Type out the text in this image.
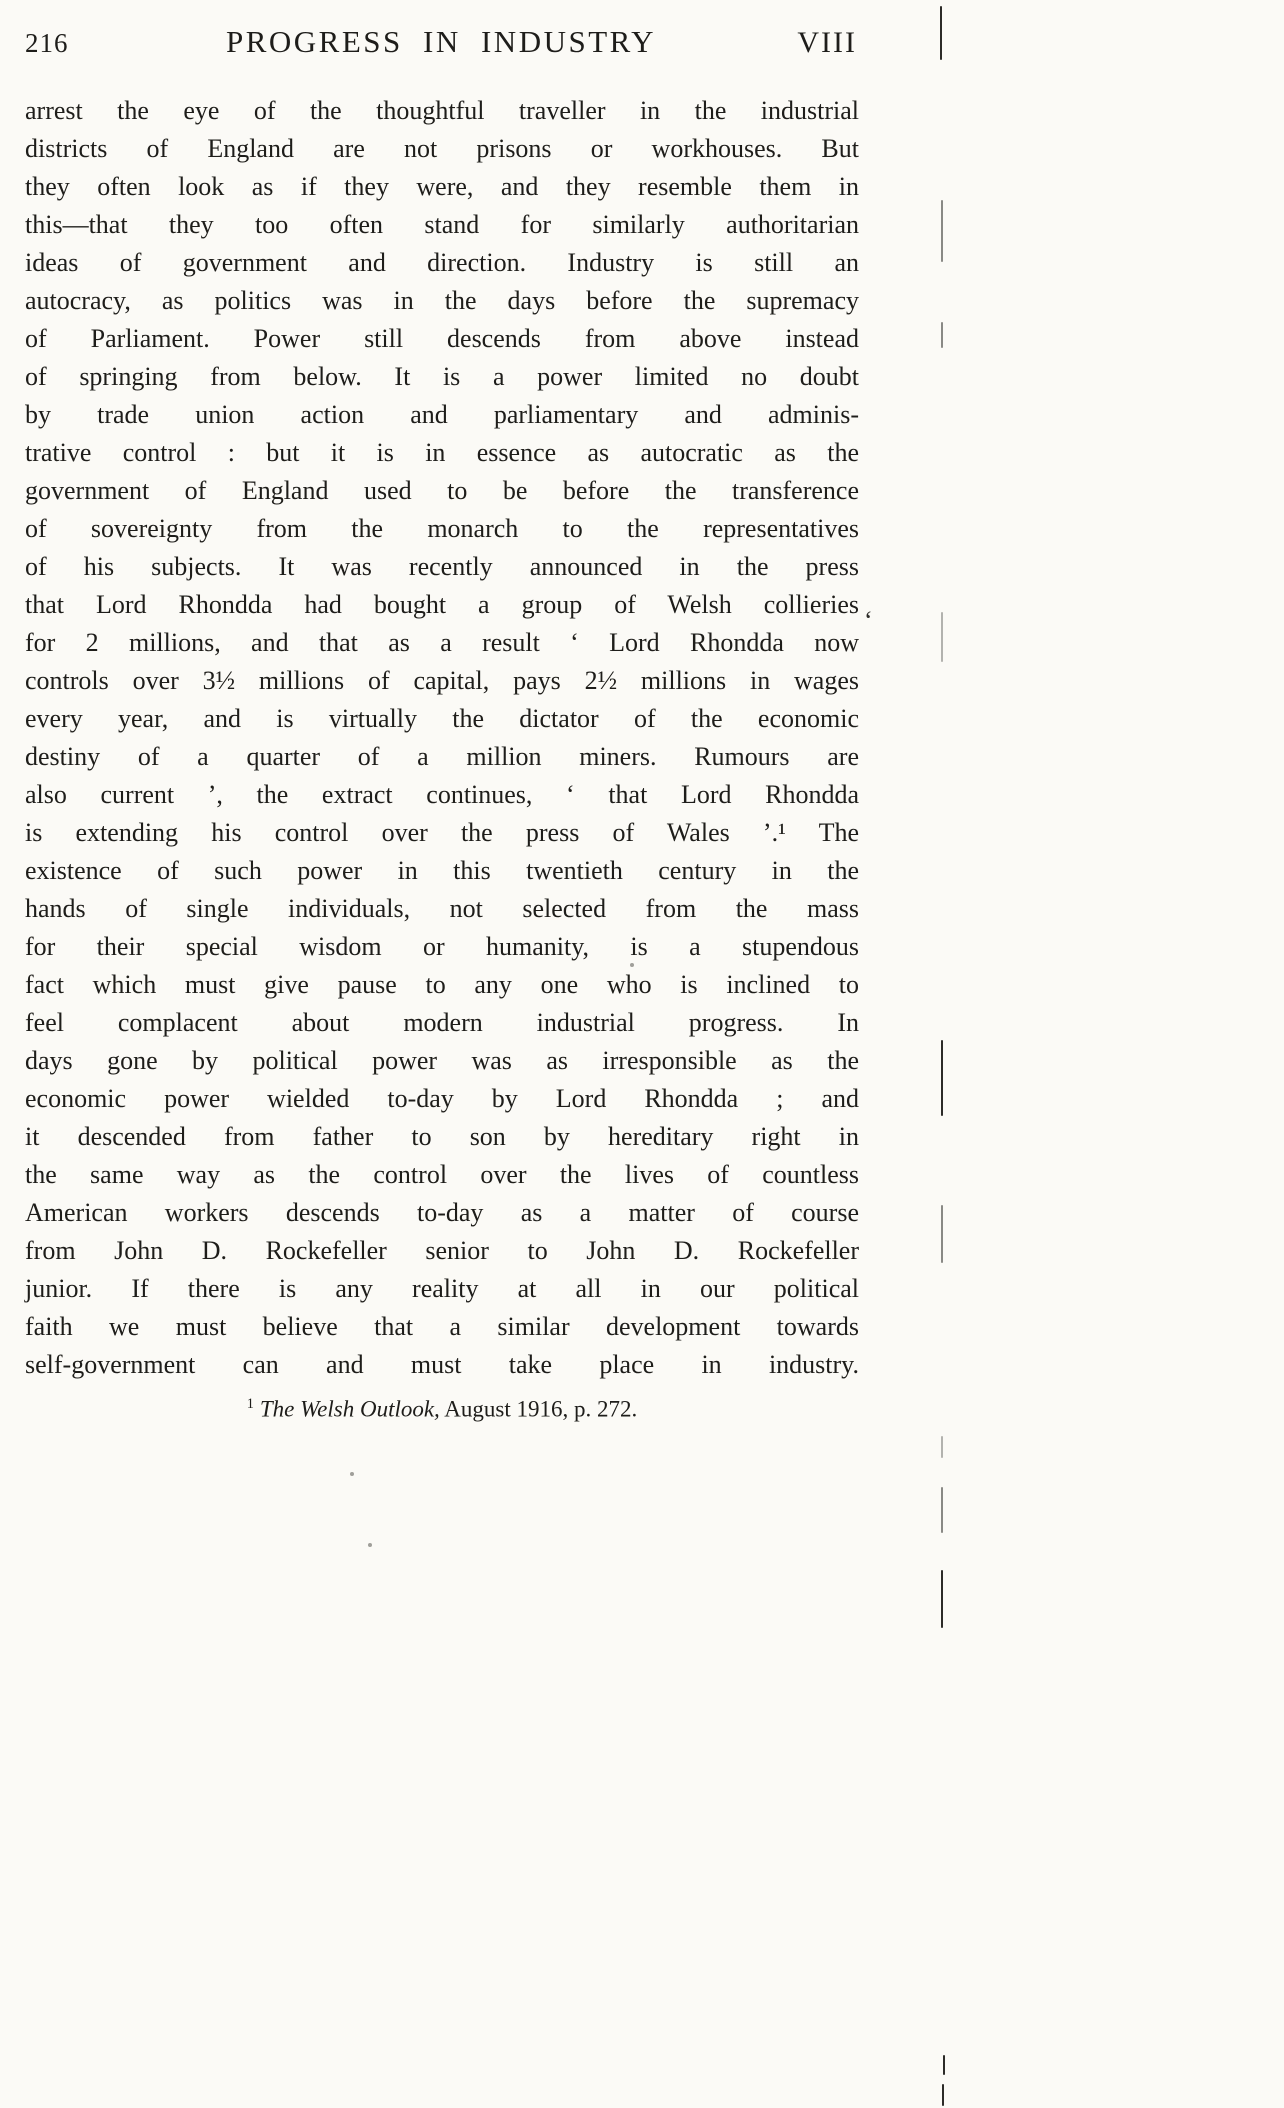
216	PROGRESS IN INDUSTRY	VIII
arrest the eye of the thoughtful traveller in the industrial
districts of England are not prisons or workhouses. But
they often look as if they were, and they resemble them in
this—that they too often stand for similarly authoritarian
ideas of government and direction. Industry is still an
autocracy, as politics was in the days before the supremacy
of Parliament. Power still descends from above instead
of springing from below. It is a power limited no doubt
by trade union action and parliamentary and adminis-
trative control : but it is in essence as autocratic as the
government of England used to be before the transference
of sovereignty from the monarch to the representatives
of his subjects. It was recently announced in the press
that Lord Rhondda had bought a group of Welsh collieries
for 2 millions, and that as a result ‘ Lord Rhondda now
controls over 3½ millions of capital, pays 2½ millions in wages
every year, and is virtually the dictator of the economic
destiny of a quarter of a million miners. Rumours are
also current ’, the extract continues, ‘ that Lord Rhondda
is extending his control over the press of Wales ’.¹ The
existence of such power in this twentieth century in the
hands of single individuals, not selected from the mass
for their special wisdom or humanity, is a stupendous
fact which must give pause to any one who is inclined to
feel complacent about modern industrial progress. In
days gone by political power was as irresponsible as the
economic power wielded to-day by Lord Rhondda ; and
it descended from father to son by hereditary right in
the same way as the control over the lives of countless
American workers descends to-day as a matter of course
from John D. Rockefeller senior to John D. Rockefeller
junior. If there is any reality at all in our political
faith we must believe that a similar development towards
self-government can and must take place in industry.
$^1$ The Welsh Outlook, August 1916, p. 272.
‘
